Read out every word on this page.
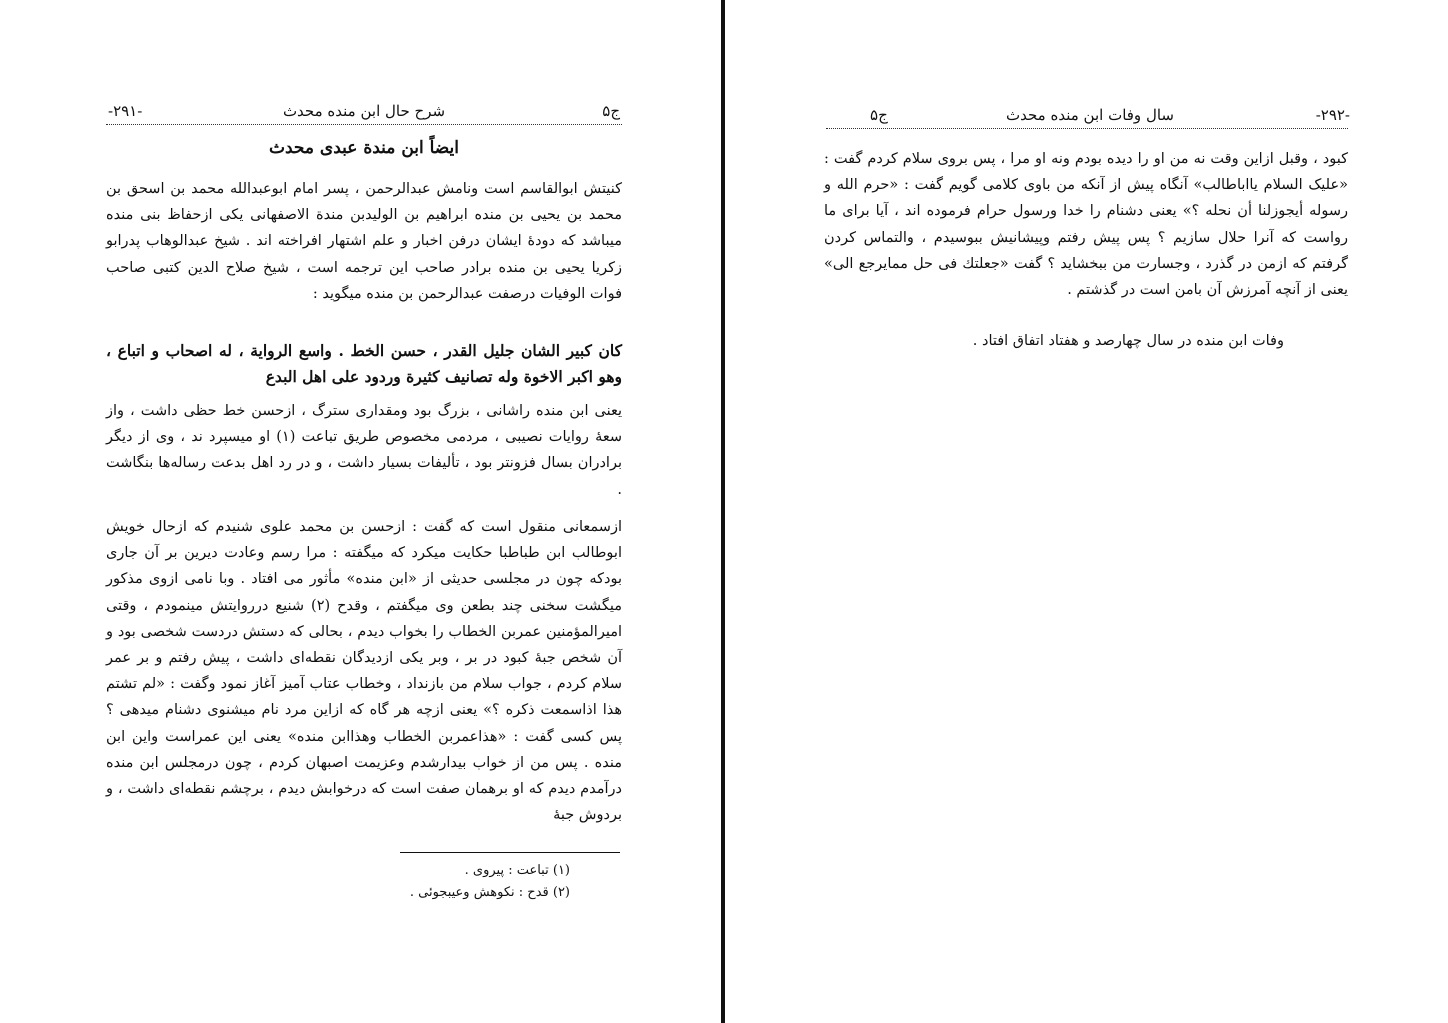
ج۵
شرح حال ابن منده محدث
-۲۹۱-
ايضاً ابن مندة عبدى محدث

کنیتش ابوالقاسم است ونامش عبدالرحمن ، پسر امام ابوعبدالله محمد بن اسحق بن محمد بن یحیی بن منده ابراهیم بن الولیدبن مندة الاصفهانی یکی ازحفاظ بنی منده میباشد که دودهٔ ایشان درفن اخبار و علم اشتهار افراخته اند . شیخ عبدالوهاب پدرابو زکریا یحیی بن منده برادر صاحب این ترجمه است ، شیخ صلاح الدین کتبی صاحب فوات الوفیات درصفت عبدالرحمن بن منده میگوید :

کان کبیر الشان جلیل القدر ، حسن الخط . واسع الروایة ، له اصحاب و اتباع ، وهو اکبر الاخوة وله تصانیف کثیرة وردود علی اهل البدع

یعنی ابن منده راشانی ، بزرگ بود ومقداری سترگ ، ازحسن خط حظی داشت ، واز سعهٔ روایات نصیبی ، مردمی مخصوص طریق تباعت (۱) او میسپرد ند ، وی از دیگر برادران بسال فزونتر بود ، تألیفات بسیار داشت ، و در رد اهل بدعت رساله‌ها بنگاشت .

ازسمعانی منقول است که گفت : ازحسن بن محمد علوی شنیدم که ازحال خویش ابوطالب ابن طباطبا حکایت میکرد که میگفته : مرا رسم وعادت دیرین بر آن جاری بودکه چون در مجلسی حدیثی از «ابن منده» مأثور می افتاد . وبا نامی ازوی مذکور میگشت سخنی چند بطعن وی میگفتم ، وقدح (۲) شنیع درروایتش مینمودم ، وقتی امیرالمؤمنین عمربن الخطاب را بخواب دیدم ، بحالی که دستش دردست شخصی بود و آن شخص جبهٔ کبود در بر ، وبر یکی ازدیدگان نقطه‌ای داشت ، پیش رفتم و بر عمر سلام کردم ، جواب سلام من بازنداد ، وخطاب عتاب آمیز آغاز نمود وگفت : «لم تشتم هذا اذاسمعت ذکره ؟» یعنی ازچه هر گاه که ازاین مرد نام میشنوی دشنام میدهی ؟ پس کسی گفت : «هذاعمربن الخطاب وهذاابن منده» یعنی این عمراست واین ابن منده . پس من از خواب بیدارشدم وعزیمت اصبهان کردم ، چون درمجلس ابن منده درآمدم دیدم که او برهمان صفت است که درخوابش دیدم ، برچشم نقطه‌ای داشت ، و بردوش جبهٔ

(۱) تباعت : پیروی .
(۲) قدح : نکوهش وعیبجوئی .
-۲۹۲-
سال وفات ابن منده محدث
ج۵

کبود ، وقبل ازاین وقت نه من او را دیده بودم ونه او مرا ، پس بروی سلام کردم گفت : «علیک السلام یااباطالب» آنگاه پیش از آنکه من باوی کلامی گویم گفت : «حرم الله و رسوله أیجوزلنا أن نحله ؟» یعنی دشنام را خدا ورسول حرام فرموده اند ، آیا برای ما رواست که آنرا حلال سازیم ؟ پس پیش رفتم وپیشانیش ببوسیدم ، والتماس کردن گرفتم که ازمن در گذرد ، وجسارت من ببخشاید ؟ گفت «جعلتك فی حل ممایرجع الی» یعنی از آنچه آمرزش آن بامن است در گذشتم .

وفات ابن منده در سال چهارصد و هفتاد اتفاق افتاد .
